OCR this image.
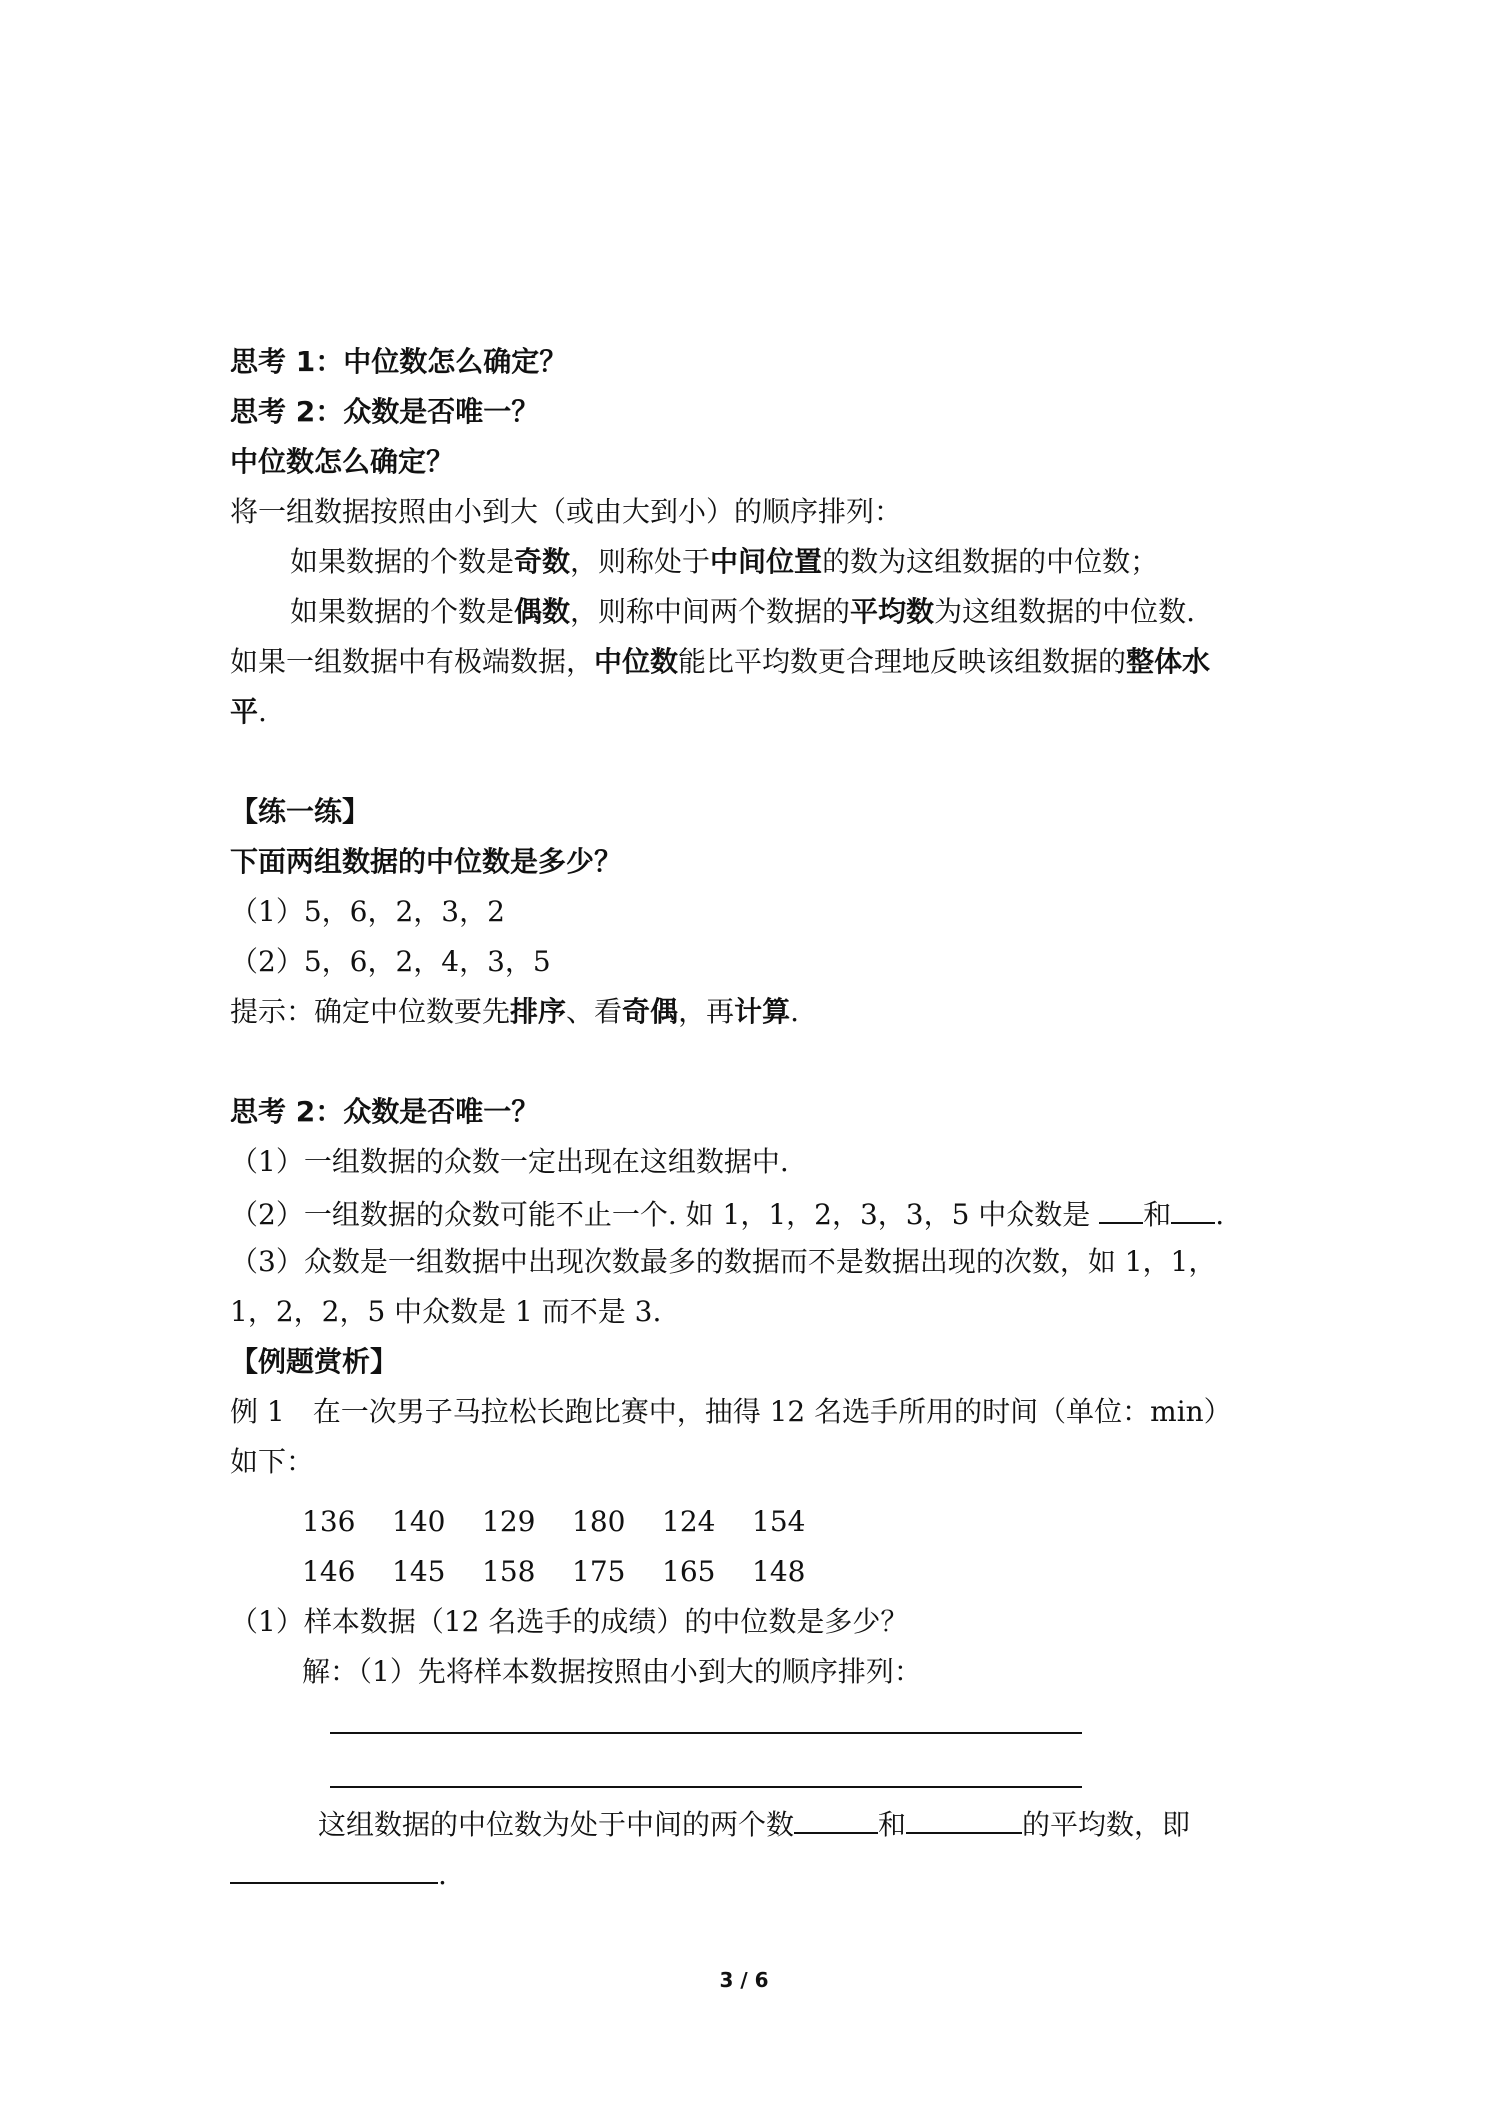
思考 1：中位数怎么确定？
思考 2：众数是否唯一？
中位数怎么确定？
将一组数据按照由小到大（或由大到小）的顺序排列：
如果数据的个数是奇数，则称处于中间位置的数为这组数据的中位数；
如果数据的个数是偶数，则称中间两个数据的平均数为这组数据的中位数.
如果一组数据中有极端数据，中位数能比平均数更合理地反映该组数据的整体水
平.
【练一练】
下面两组数据的中位数是多少？
（1）5，6，2，3，2
（2）5，6，2，4，3，5
提示：确定中位数要先排序、看奇偶，再计算.
思考 2：众数是否唯一？
（1）一组数据的众数一定出现在这组数据中.
（2）一组数据的众数可能不止一个. 如 1，1，2，3，3，5 中众数是 和 .
（3）众数是一组数据中出现次数最多的数据而不是数据出现的次数，如 1，1，
1，2，2，5 中众数是 1 而不是 3.
【例题赏析】
例 1　在一次男子马拉松长跑比赛中，抽得 12 名选手所用的时间（单位：min）
如下：
136 140 129 180 124 154
146 145 158 175 165 148
（1）样本数据（12 名选手的成绩）的中位数是多少？
解：（1）先将样本数据按照由小到大的顺序排列：
这组数据的中位数为处于中间的两个数	和	的平均数，即
.
3 / 6
